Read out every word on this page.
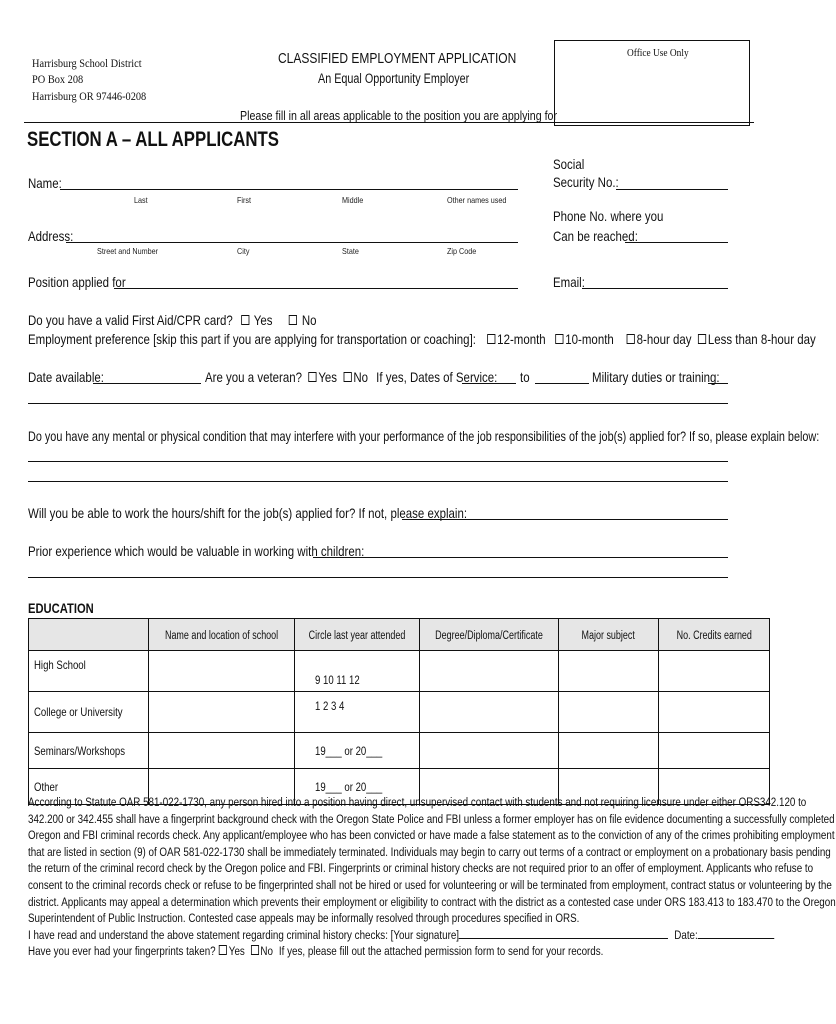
Harrisburg School District
PO Box 208
Harrisburg OR 97446-0208
CLASSIFIED EMPLOYMENT APPLICATION
An Equal Opportunity Employer
Please fill in all areas applicable to the position you are applying for
Office Use Only
SECTION A – ALL APPLICANTS
Social
Security No.:
Name:
Last	First	Middle	Other names used
Phone No. where you
Can be reached:
Address:
Street and Number	City	State	Zip Code
Position applied for	Email:
Do you have a valid First Aid/CPR card? Yes No
Employment preference [skip this part if you are applying for transportation or coaching]: 12-month 10-month 8-hour day Less than 8-hour day
Date available:	Are you a veteran? Yes No If yes, Dates of Service: to	Military duties or training:
Do you have any mental or physical condition that may interfere with your performance of the job responsibilities of the job(s) applied for? If so, please explain below:
Will you be able to work the hours/shift for the job(s) applied for? If not, please explain:
Prior experience which would be valuable in working with children:
EDUCATION
	Name and location of school	Circle last year attended	Degree/Diploma/Certificate	Major subject	No. Credits earned
High School		9 10 11 12			
College or University		1 2 3 4			
Seminars/Workshops		19___ or 20___			
Other		19___ or 20___			

According to Statute OAR 581-022-1730, any person hired into a position having direct, unsupervised contact with students and not requiring licensure under either ORS342.120 to

342.200 or 342.455 shall have a fingerprint background check with the Oregon State Police and FBI unless a former employer has on file evidence documenting a successfully completed

Oregon and FBI criminal records check. Any applicant/employee who has been convicted or have made a false statement as to the conviction of any of the crimes prohibiting employment

that are listed in section (9) of OAR 581-022-1730 shall be immediately terminated. Individuals may begin to carry out terms of a contract or employment on a probationary basis pending

the return of the criminal record check by the Oregon police and FBI. Fingerprints or criminal history checks are not required prior to an offer of employment. Applicants who refuse to

consent to the criminal records check or refuse to be fingerprinted shall not be hired or used for volunteering or will be terminated from employment, contract status or volunteering by the

district. Applicants may appeal a determination which prevents their employment or eligibility to contract with the district as a contested case under ORS 183.413 to 183.470 to the Oregon

Superintendent of Public Instruction. Contested case appeals may be informally resolved through procedures specified in ORS.

I have read and understand the above statement regarding criminal history checks: [Your signature]	Date:

Have you ever had your fingerprints taken? Yes No If yes, please fill out the attached permission form to send for your records.
